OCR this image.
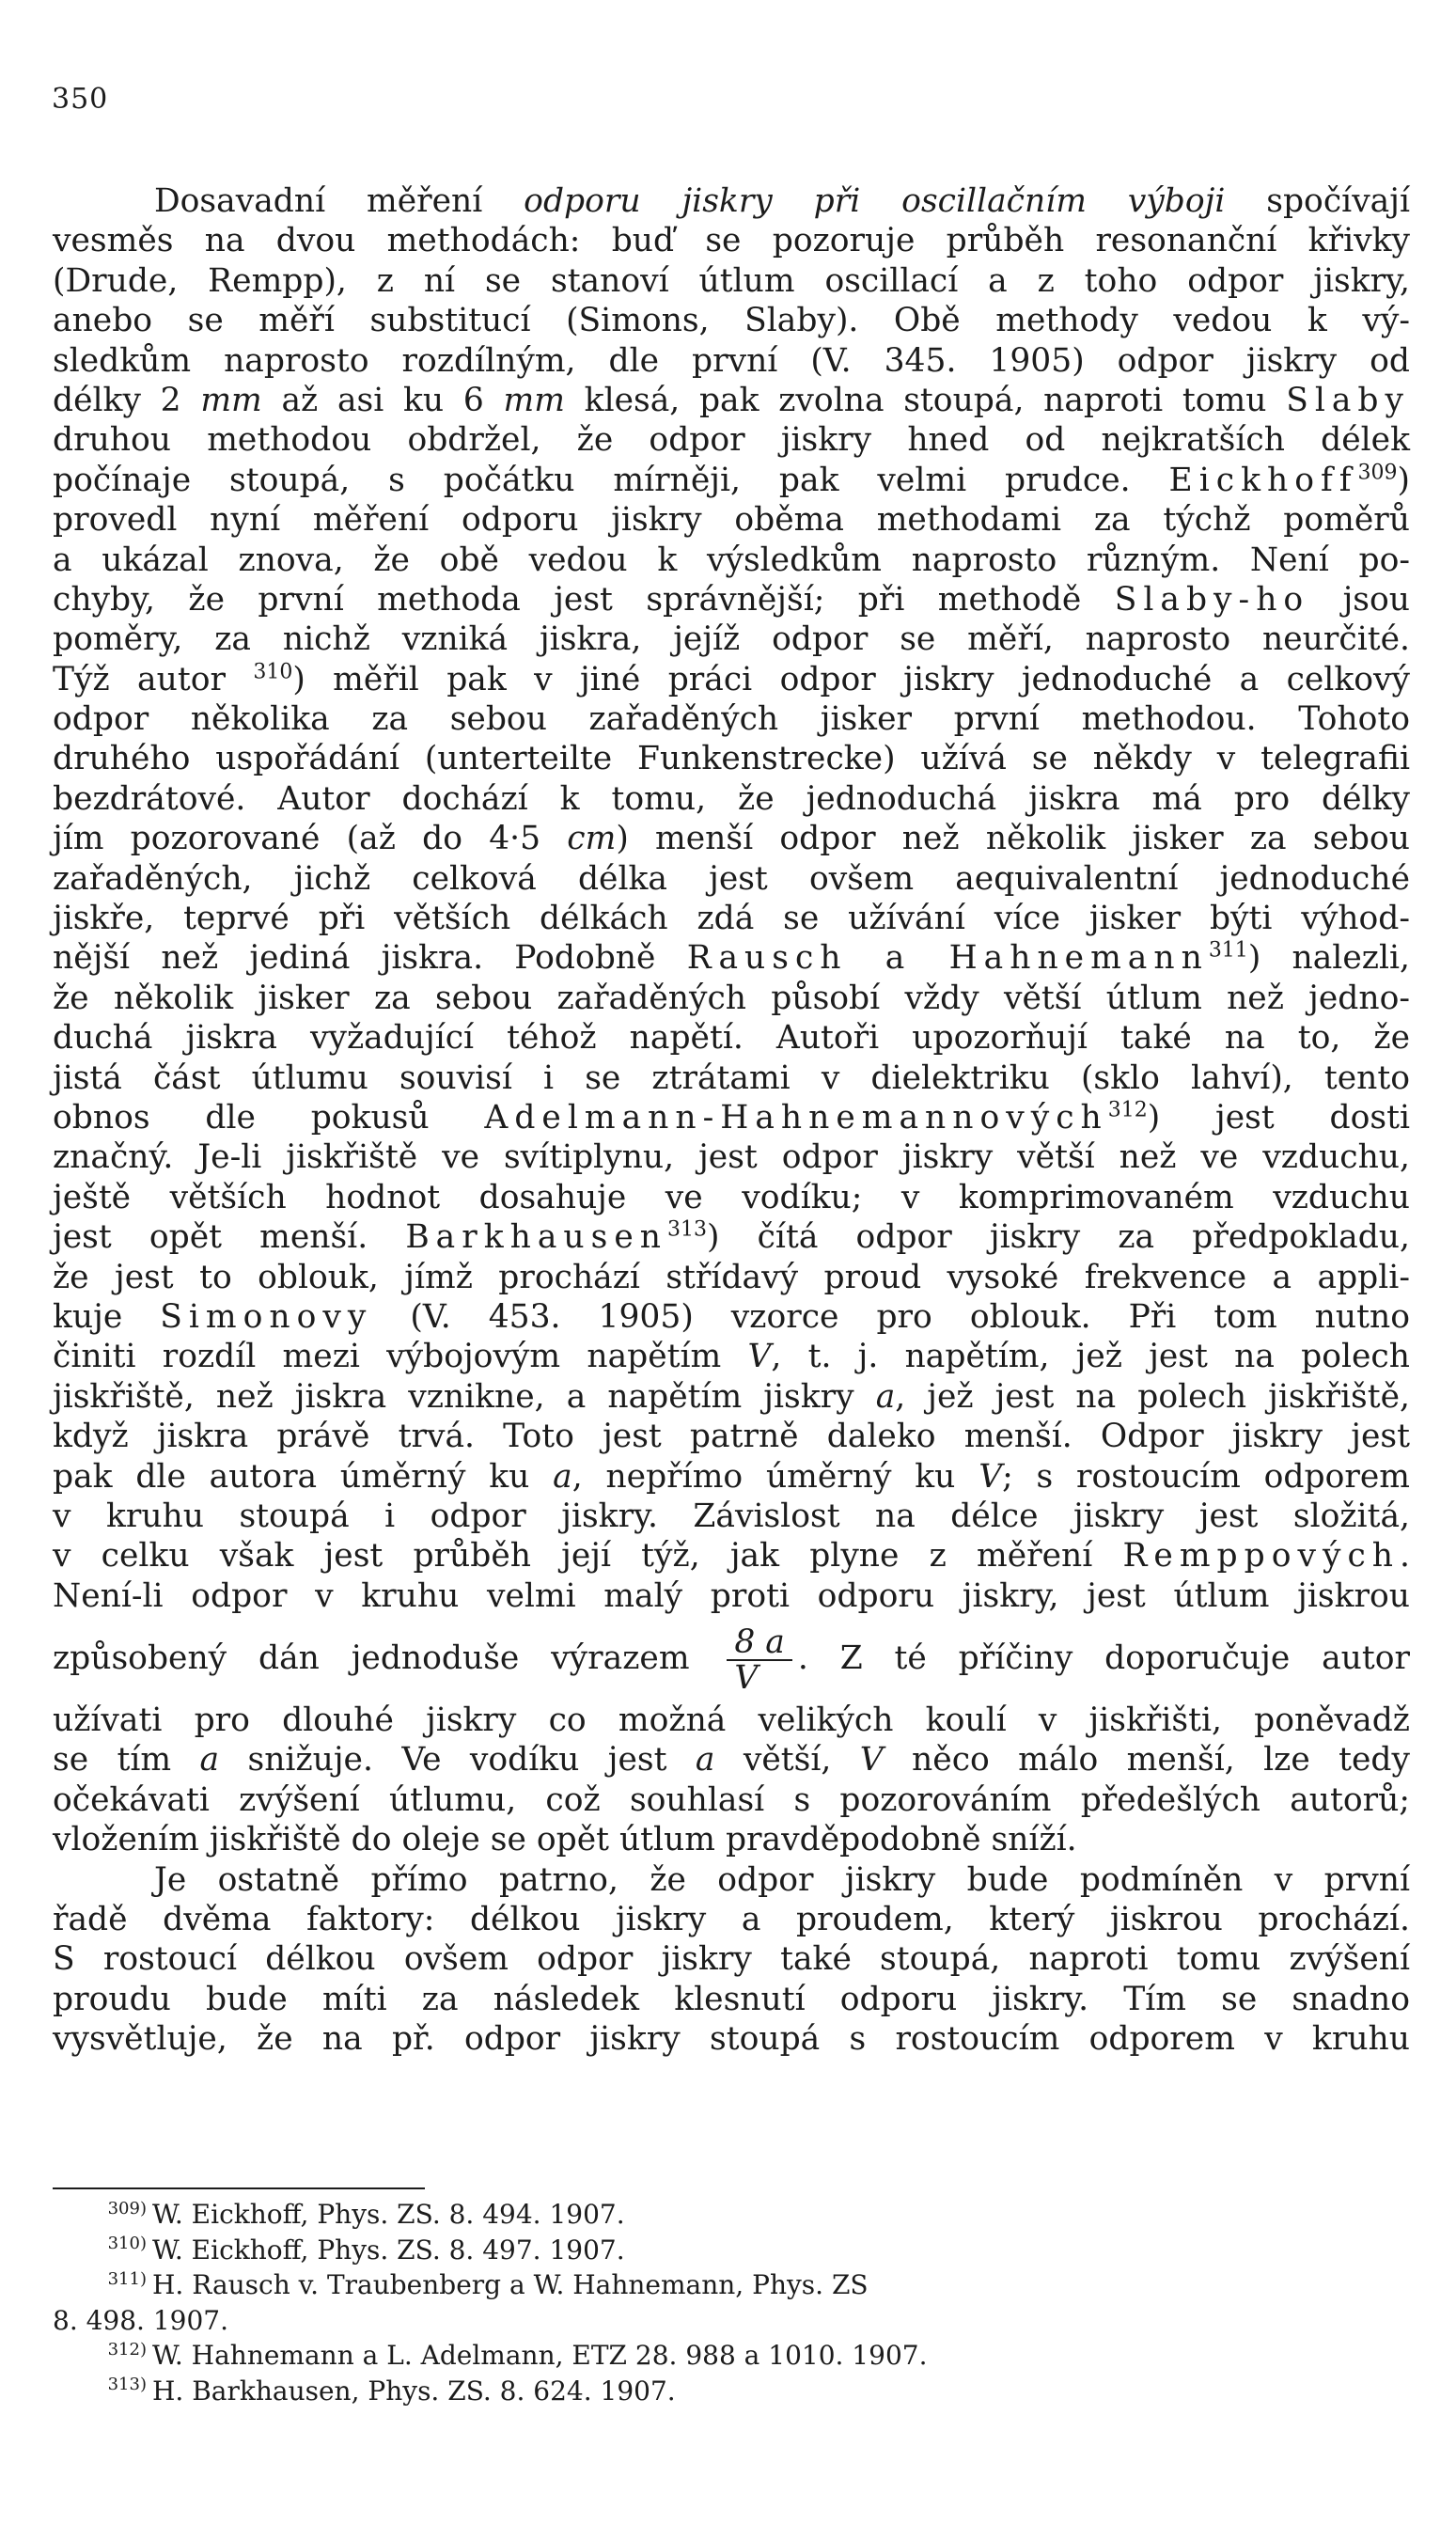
350
Dosavadní měření odporu jiskry při oscillačním výboji spočívají
vesměs na dvou methodách: buď se pozoruje průběh resonanční křivky
(Drude, Rempp), z ní se stanoví útlum oscillací a z toho odpor jiskry,
anebo se měří substitucí (Simons, Slaby). Obě methody vedou k vý-
sledkům naprosto rozdílným, dle první (V. 345. 1905) odpor jiskry od
délky 2 mm až asi ku 6 mm klesá, pak zvolna stoupá, naproti tomu Slaby
druhou methodou obdržel, že odpor jiskry hned od nejkratších délek
počínaje stoupá, s počátku mírněji, pak velmi prudce. Eickhoff$^{309}$)
provedl nyní měření odporu jiskry oběma methodami za týchž poměrů
a ukázal znova, že obě vedou k výsledkům naprosto různým. Není po-
chyby, že první methoda jest správnější; při methodě Slaby-ho jsou
poměry, za nichž vzniká jiskra, jejíž odpor se měří, naprosto neurčité.
Týž autor $^{310}$) měřil pak v jiné práci odpor jiskry jednoduché a celkový
odpor několika za sebou zařaděných jisker první methodou. Tohoto
druhého uspořádání (unterteilte Funkenstrecke) užívá se někdy v telegrafii
bezdrátové. Autor dochází k tomu, že jednoduchá jiskra má pro délky
jím pozorované (až do 4·5 cm) menší odpor než několik jisker za sebou
zařaděných, jichž celková délka jest ovšem aequivalentní jednoduché
jiskře, teprvé při větších délkách zdá se užívání více jisker býti výhod-
nější než jediná jiskra. Podobně Rausch a Hahnemann$^{311}$) nalezli,
že několik jisker za sebou zařaděných působí vždy větší útlum než jedno-
duchá jiskra vyžadující téhož napětí. Autoři upozorňují také na to, že
jistá část útlumu souvisí i se ztrátami v dielektriku (sklo lahví), tento
obnos dle pokusů Adelmann-Hahnemannových$^{312}$) jest dosti
značný. Je-li jiskřiště ve svítiplynu, jest odpor jiskry větší než ve vzduchu,
ještě větších hodnot dosahuje ve vodíku; v komprimovaném vzduchu
jest opět menší. Barkhausen$^{313}$) čítá odpor jiskry za předpokladu,
že jest to oblouk, jímž prochází střídavý proud vysoké frekvence a appli-
kuje Simonovy (V. 453. 1905) vzorce pro oblouk. Při tom nutno
činiti rozdíl mezi výbojovým napětím V, t. j. napětím, jež jest na polech
jiskřiště, než jiskra vznikne, a napětím jiskry a, jež jest na polech jiskřiště,
když jiskra právě trvá. Toto jest patrně daleko menší. Odpor jiskry jest
pak dle autora úměrný ku a, nepřímo úměrný ku V; s rostoucím odporem
v kruhu stoupá i odpor jiskry. Závislost na délce jiskry jest složitá,
v celku však jest průběh její týž, jak plyne z měření Remppových.
Není-li odpor v kruhu velmi malý proti odporu jiskry, jest útlum jiskrou
způsobený dán jednoduše výrazem $\frac{8 a}{V}$ . Z té příčiny doporučuje autor
užívati pro dlouhé jiskry co možná velikých koulí v jiskřišti, poněvadž
se tím a snižuje. Ve vodíku jest a větší, V něco málo menší, lze tedy
očekávati zvýšení útlumu, což souhlasí s pozorováním předešlých autorů;
vložením jiskřiště do oleje se opět útlum pravděpodobně sníží.
Je ostatně přímo patrno, že odpor jiskry bude podmíněn v první
řadě dvěma faktory: délkou jiskry a proudem, který jiskrou prochází.
S rostoucí délkou ovšem odpor jiskry také stoupá, naproti tomu zvýšení
proudu bude míti za následek klesnutí odporu jiskry. Tím se snadno
vysvětluje, že na př. odpor jiskry stoupá s rostoucím odporem v kruhu
309) W. Eickhoff, Phys. ZS. 8. 494. 1907.
310) W. Eickhoff, Phys. ZS. 8. 497. 1907.
311) H. Rausch v. Traubenberg a W. Hahnemann, Phys. ZS
8. 498. 1907.
312) W. Hahnemann a L. Adelmann, ETZ 28. 988 a 1010. 1907.
313) H. Barkhausen, Phys. ZS. 8. 624. 1907.
